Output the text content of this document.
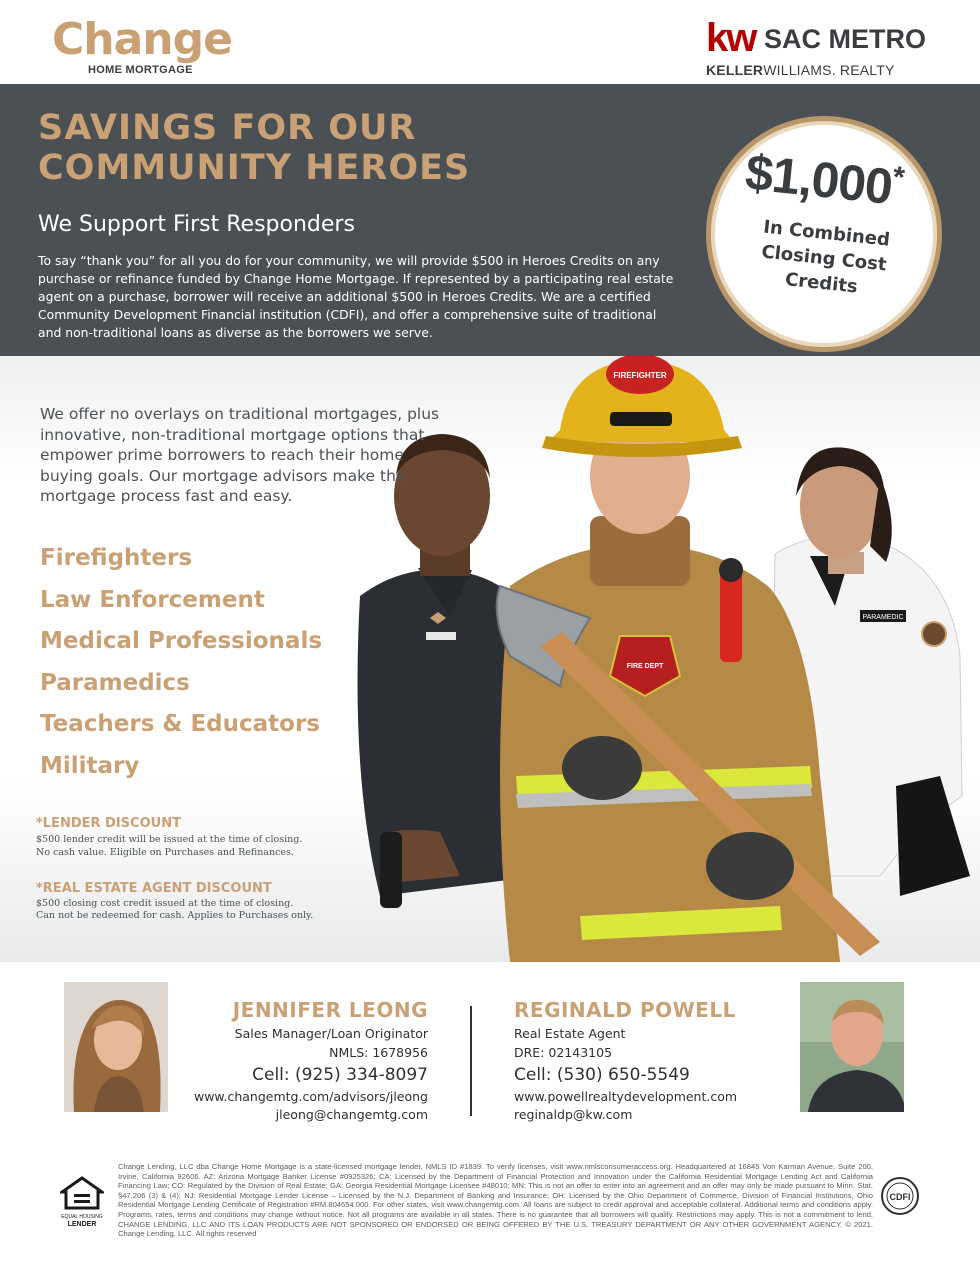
Change
HOME MORTGAGE
kw SAC METRO
KELLERWILLIAMS. REALTY
SAVINGS FOR OUR
COMMUNITY HEROES
We Support First Responders
To say “thank you” for all you do for your community, we will provide $500 in Heroes Credits on any purchase or refinance funded by Change Home Mortgage. If represented by a participating real estate agent on a purchase, borrower will receive an additional $500 in Heroes Credits. We are a certified Community Development Financial institution (CDFI), and offer a comprehensive suite of traditional and non-traditional loans as diverse as the borrowers we serve.
$1,000*
In Combined
Closing Cost
Credits
PARAMEDIC
FIREFIGHTER
FIRE DEPT
We offer no overlays on traditional mortgages, plus innovative, non-traditional mortgage options that empower prime borrowers to reach their home buying goals. Our mortgage advisors make the mortgage process fast and easy.
Firefighters
Law Enforcement
Medical Professionals
Paramedics
Teachers & Educators
Military
*LENDER DISCOUNT
$500 lender credit will be issued at the time of closing.
No cash value. Eligible on Purchases and Refinances.
*REAL ESTATE AGENT DISCOUNT
$500 closing cost credit issued at the time of closing.
Can not be redeemed for cash. Applies to Purchases only.
JENNIFER LEONG
Sales Manager/Loan Originator
NMLS: 1678956
Cell: (925) 334-8097
www.changemtg.com/advisors/jleong
jleong@changemtg.com
REGINALD POWELL
Real Estate Agent
DRE: 02143105
Cell: (530) 650-5549
www.powellrealtydevelopment.com
reginaldp@kw.com
EQUAL HOUSING
LENDER
Change Lending, LLC dba Change Home Mortgage is a state-licensed mortgage lender, NMLS ID #1839. To verify licenses, visit www.nmlsconsumeraccess.org. Headquartered at 16845 Von Karman Avenue, Suite 200, Irvine, California 92606. AZ: Arizona Mortgage Banker License #0925326; CA: Licensed by the Department of Financial Protection and Innovation under the California Residential Mortgage Lending Act and California Financing Law; CO: Regulated by the Division of Real Estate; GA: Georgia Residential Mortgage Licensee #48010; MN: This is not an offer to enter into an agreement and an offer may only be made pursuant to Minn. Stat. §47.206 (3) & (4); NJ: Residential Mortgage Lender License – Licensed by the N.J. Department of Banking and Insurance; OH: Licensed by the Ohio Department of Commerce, Division of Financial Institutions, Ohio Residential Mortgage Lending Certificate of Registration #RM.804654.000. For other states, visit www.changemtg.com. All loans are subject to credit approval and acceptable collateral. Additional terms and conditions apply. Programs, rates, terms and conditions may change without notice. Not all programs are available in all states. There is no guarantee that all borrowers will qualify. Restrictions may apply. This is not a commitment to lend. CHANGE LENDING, LLC AND ITS LOAN PRODUCTS ARE NOT SPONSORED OR ENDORSED OR BEING OFFERED BY THE U.S. TREASURY DEPARTMENT OR ANY OTHER GOVERNMENT AGENCY. © 2021. Change Lending, LLC. All rights reserved
CDFI
